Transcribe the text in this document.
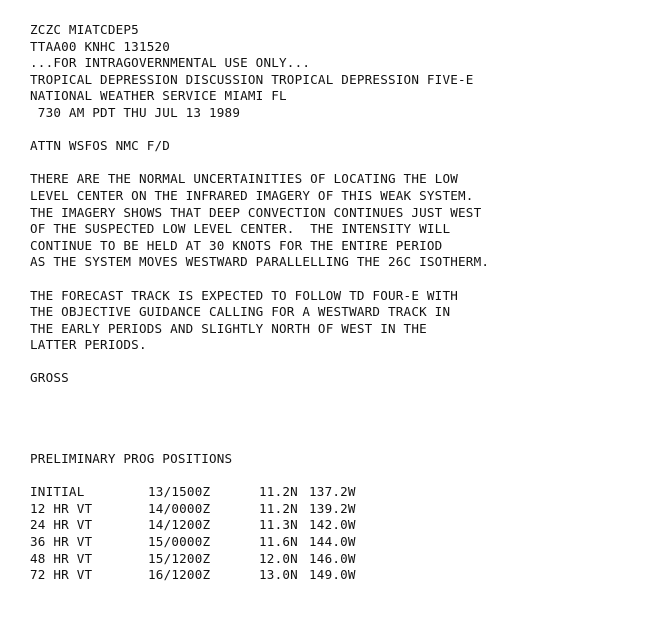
ZCZC MIATCDEP5
TTAA00 KNHC 131520
...FOR INTRAGOVERNMENTAL USE ONLY...
TROPICAL DEPRESSION DISCUSSION TROPICAL DEPRESSION FIVE-E
NATIONAL WEATHER SERVICE MIAMI FL
730 AM PDT THU JUL 13 1989
ATTN WSFOS NMC F/D
THERE ARE THE NORMAL UNCERTAINITIES OF LOCATING THE LOW
LEVEL CENTER ON THE INFRARED IMAGERY OF THIS WEAK SYSTEM.
THE IMAGERY SHOWS THAT DEEP CONVECTION CONTINUES JUST WEST
OF THE SUSPECTED LOW LEVEL CENTER.  THE INTENSITY WILL
CONTINUE TO BE HELD AT 30 KNOTS FOR THE ENTIRE PERIOD
AS THE SYSTEM MOVES WESTWARD PARALLELLING THE 26C ISOTHERM.
THE FORECAST TRACK IS EXPECTED TO FOLLOW TD FOUR-E WITH
THE OBJECTIVE GUIDANCE CALLING FOR A WESTWARD TRACK IN
THE EARLY PERIODS AND SLIGHTLY NORTH OF WEST IN THE
LATTER PERIODS.
GROSS
PRELIMINARY PROG POSITIONS
INITIAL	13/1500Z	11.2N 137.2W
12 HR VT	14/0000Z	11.2N 139.2W
24 HR VT	14/1200Z	11.3N 142.0W
36 HR VT	15/0000Z	11.6N 144.0W
48 HR VT	15/1200Z	12.0N 146.0W
72 HR VT	16/1200Z	13.0N 149.0W
